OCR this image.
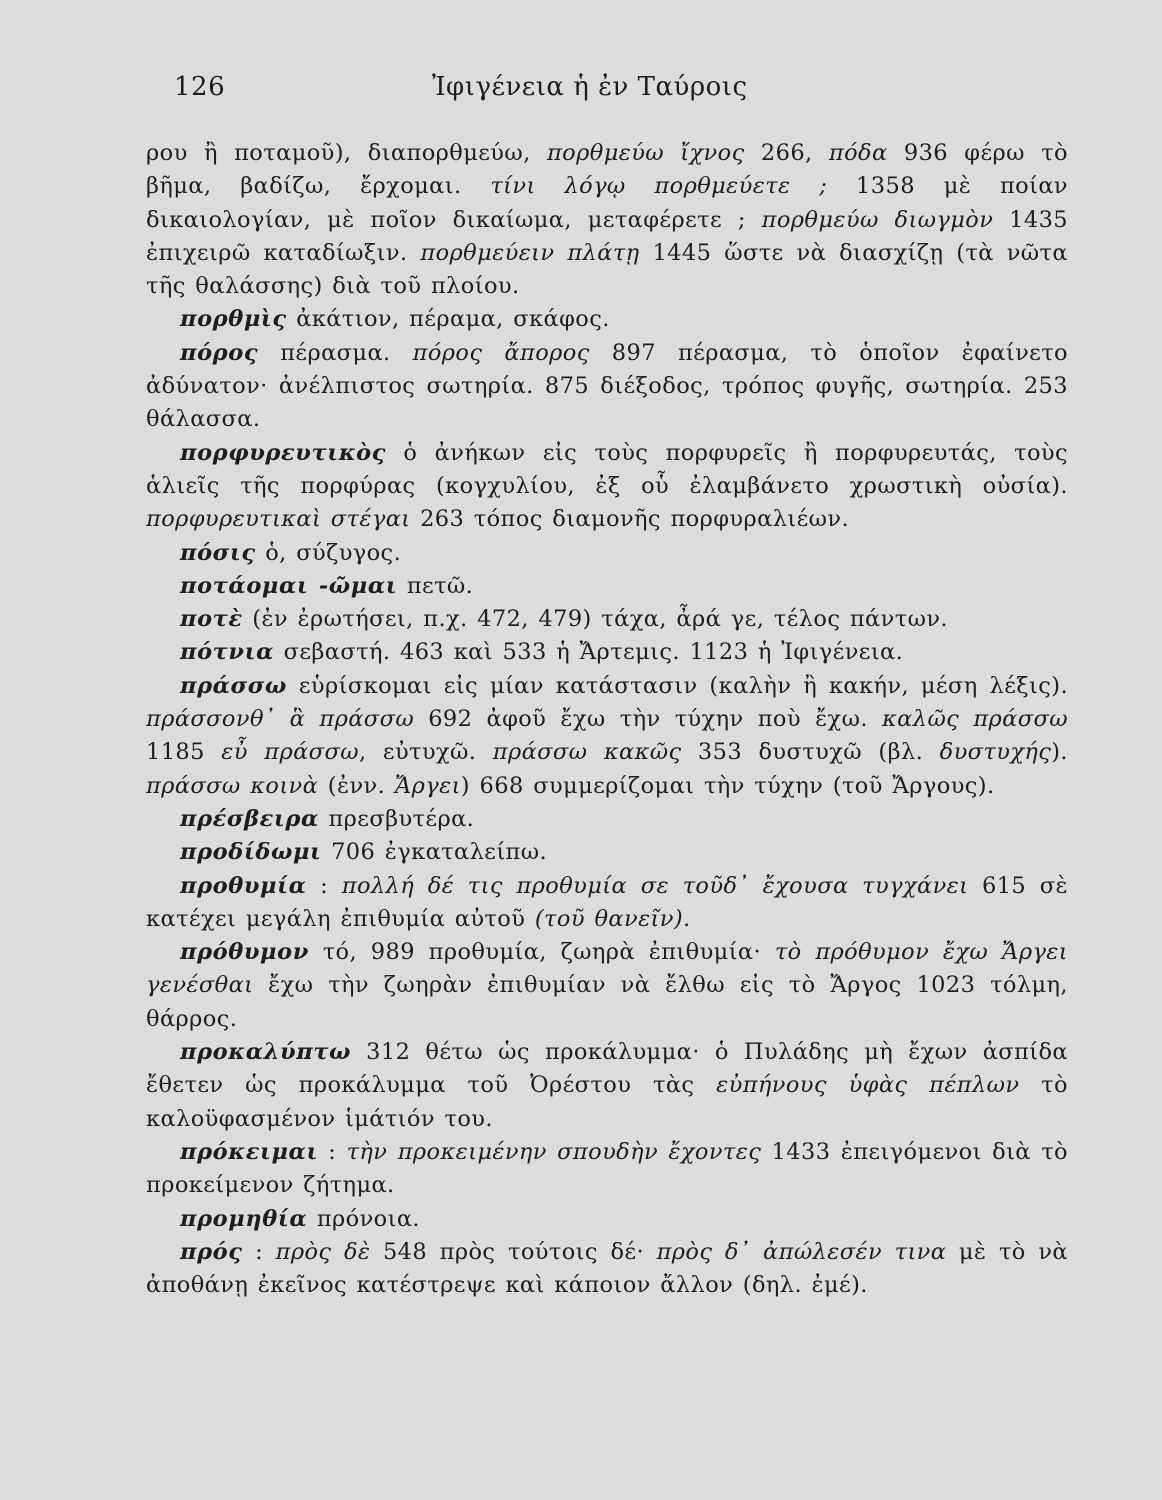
126	Ἰφιγένεια ἡ ἐν Ταύροις

ρου ἢ ποταμοῦ), διαπορθμεύω, πορθμεύω ἴχνος 266, πόδα 936 φέρω τὸ βῆμα, βαδίζω, ἔρχομαι. τίνι λόγῳ πορθμεύετε ; 1358 μὲ ποίαν δικαιολογίαν, μὲ ποῖον δικαίωμα, μεταφέρετε ; πορθμεύω διωγμὸν 1435 ἐπιχειρῶ καταδίωξιν. πορθμεύειν πλάτῃ 1445 ὥστε νὰ διασχίζῃ (τὰ νῶτα τῆς θαλάσσης) διὰ τοῦ πλοίου.

πορθμὶς ἀκάτιον, πέραμα, σκάφος.

πόρος πέρασμα. πόρος ἄπορος 897 πέρασμα, τὸ ὁποῖον ἐφαίνετο ἀδύνατον· ἀνέλπιστος σωτηρία. 875 διέξοδος, τρόπος φυγῆς, σωτηρία. 253 θάλασσα.

πορφυρευτικὸς ὁ ἀνήκων εἰς τοὺς πορφυρεῖς ἢ πορφυρευτάς, τοὺς ἁλιεῖς τῆς πορφύρας (κογχυλίου, ἐξ οὗ ἐλαμβάνετο χρωστικὴ οὐσία). πορφυρευτικαὶ στέγαι 263 τόπος διαμονῆς πορφυραλιέων.

πόσις ὁ, σύζυγος.

ποτάομαι -ῶμαι πετῶ.

ποτὲ (ἐν ἐρωτήσει, π.χ. 472, 479) τάχα, ἆρά γε, τέλος πάντων.

πότνια σεβαστή. 463 καὶ 533 ἡ Ἄρτεμις. 1123 ἡ Ἰφιγένεια.

πράσσω εὑρίσκομαι εἰς μίαν κατάστασιν (καλὴν ἢ κακήν, μέση λέξις). πράσσονθ᾽ ἃ πράσσω 692 ἀφοῦ ἔχω τὴν τύχην ποὺ ἔχω. καλῶς πράσσω 1185 εὖ πράσσω, εὐτυχῶ. πράσσω κακῶς 353 δυστυχῶ (βλ. δυστυχής). πράσσω κοινὰ (ἐνν. Ἄργει) 668 συμμερίζομαι τὴν τύχην (τοῦ Ἄργους).

πρέσβειρα πρεσβυτέρα.

προδίδωμι 706 ἐγκαταλείπω.

προθυμία : πολλή δέ τις προθυμία σε τοῦδ᾽ ἔχουσα τυγχάνει 615 σὲ κατέχει μεγάλη ἐπιθυμία αὐτοῦ (τοῦ θανεῖν).

πρόθυμον τό, 989 προθυμία, ζωηρὰ ἐπιθυμία· τὸ πρόθυμον ἔχω Ἄργει γενέσθαι ἔχω τὴν ζωηρὰν ἐπιθυμίαν νὰ ἔλθω εἰς τὸ Ἄργος 1023 τόλμη, θάρρος.

προκαλύπτω 312 θέτω ὡς προκάλυμμα· ὁ Πυλάδης μὴ ἔχων ἀσπίδα ἔθετεν ὡς προκάλυμμα τοῦ Ὀρέστου τὰς εὐπήνους ὑφὰς πέπλων τὸ καλοϋφασμένον ἱμάτιόν του.

πρόκειμαι : τὴν προκειμένην σπουδὴν ἔχοντες 1433 ἐπειγόμενοι διὰ τὸ προκείμενον ζήτημα.

προμηθία πρόνοια.

πρός : πρὸς δὲ 548 πρὸς τούτοις δέ· πρὸς δ᾽ ἀπώλεσέν τινα μὲ τὸ νὰ ἀποθάνῃ ἐκεῖνος κατέστρεψε καὶ κάποιον ἄλλον (δηλ. ἐμέ).
